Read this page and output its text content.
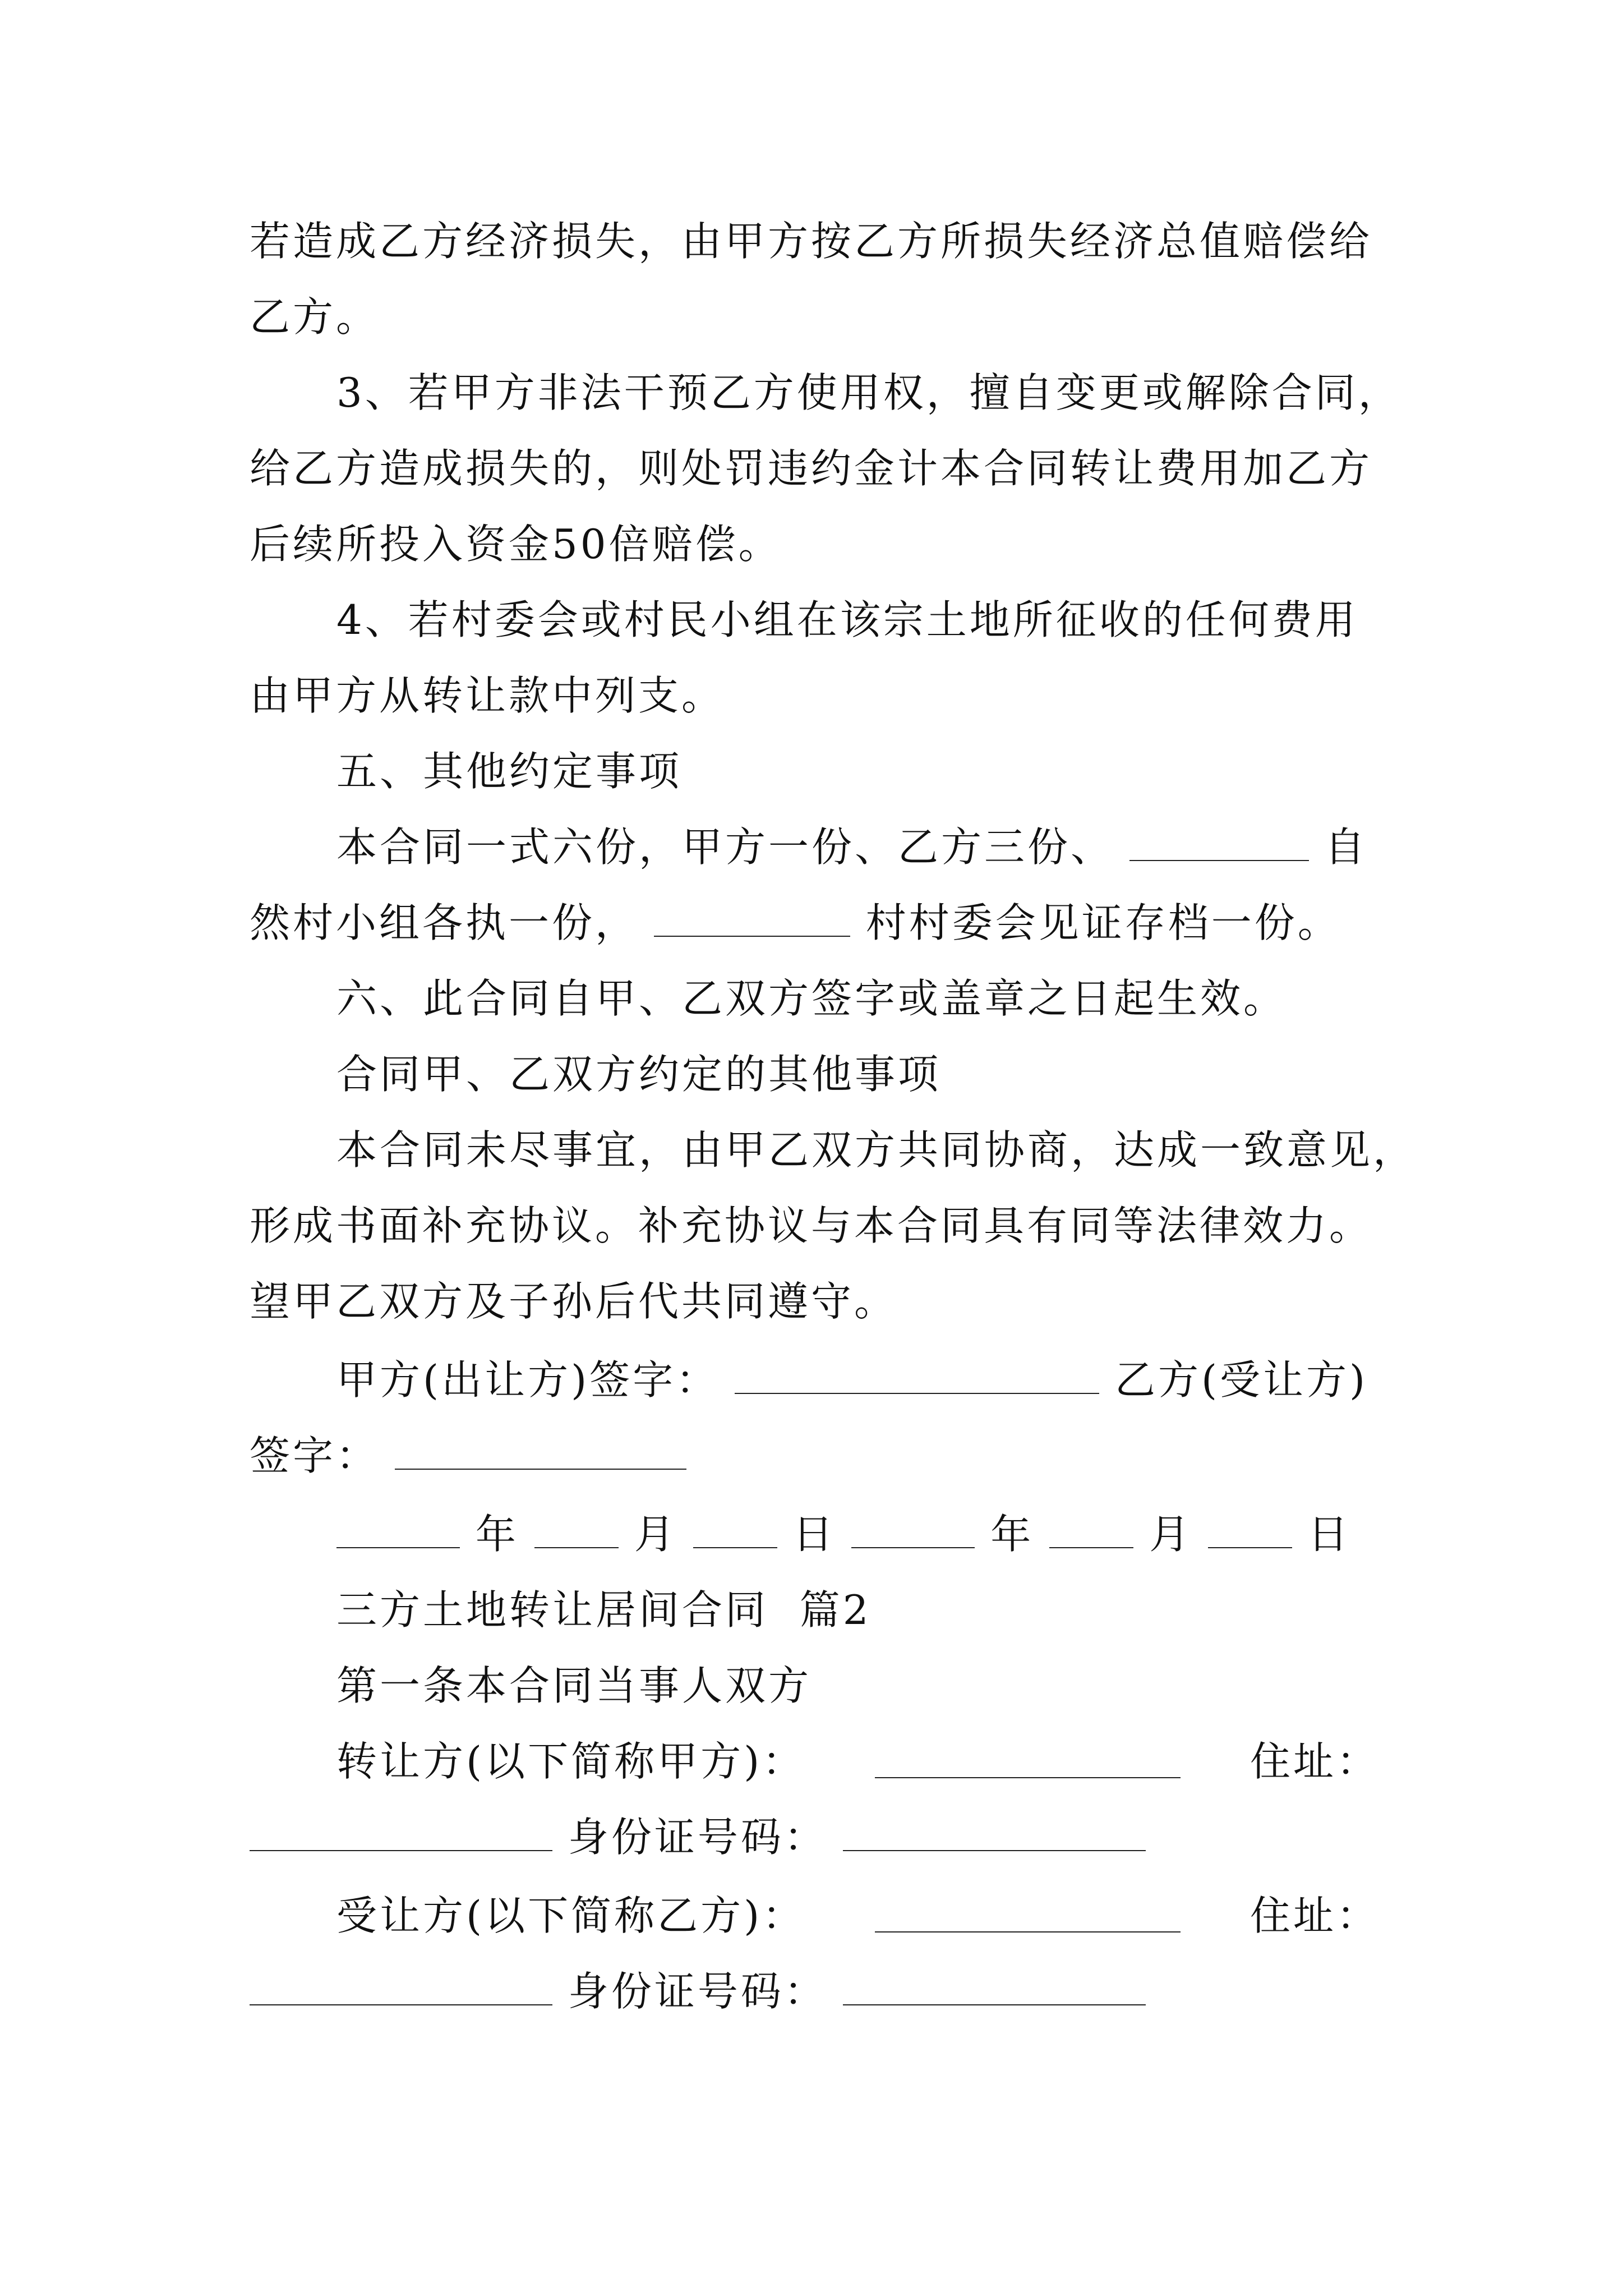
若造成乙方经济损失，由甲方按乙方所损失经济总值赔偿给
乙方。
3、若甲方非法干预乙方使用权，擅自变更或解除合同，
给乙方造成损失的，则处罚违约金计本合同转让费用加乙方
后续所投入资金50倍赔偿。
4、若村委会或村民小组在该宗土地所征收的任何费用
由甲方从转让款中列支。
五、其他约定事项
本合同一式六份，甲方一份、乙方三份、	自
然村小组各执一份，	村村委会见证存档一份。
六、此合同自甲、乙双方签字或盖章之日起生效。
合同甲、乙双方约定的其他事项
本合同未尽事宜，由甲乙双方共同协商，达成一致意见，
形成书面补充协议。补充协议与本合同具有同等法律效力。
望甲乙双方及子孙后代共同遵守。
甲方(出让方)签字：	乙方(受让方)
签字：
年	月	日	年	月	日
三方土地转让居间合同  篇2
第一条本合同当事人双方
转让方(以下简称甲方)：	住址：
身份证号码：
受让方(以下简称乙方)：	住址：
身份证号码：
